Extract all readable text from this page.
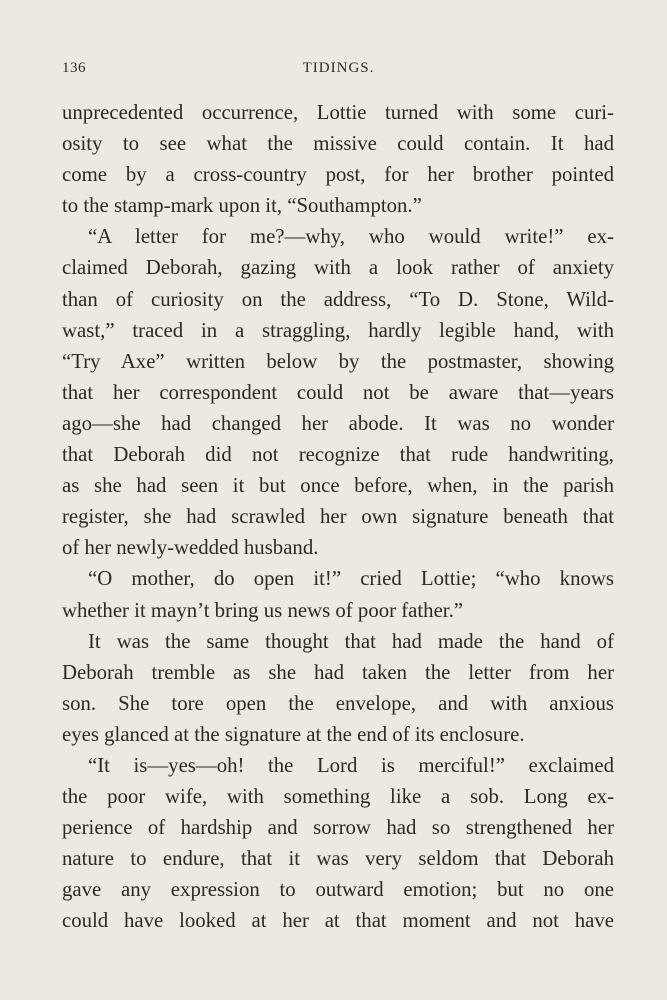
136	TIDINGS.
unprecedented occurrence, Lottie turned with some curi-
osity to see what the missive could contain. It had
come by a cross-country post, for her brother pointed
to the stamp-mark upon it, “Southampton.”
“A letter for me?—why, who would write!” ex-
claimed Deborah, gazing with a look rather of anxiety
than of curiosity on the address, “To D. Stone, Wild-
wast,” traced in a straggling, hardly legible hand, with
“Try Axe” written below by the postmaster, showing
that her correspondent could not be aware that—years
ago—she had changed her abode. It was no wonder
that Deborah did not recognize that rude handwriting,
as she had seen it but once before, when, in the parish
register, she had scrawled her own signature beneath that
of her newly-wedded husband.
“O mother, do open it!” cried Lottie; “who knows
whether it mayn’t bring us news of poor father.”
It was the same thought that had made the hand of
Deborah tremble as she had taken the letter from her
son. She tore open the envelope, and with anxious
eyes glanced at the signature at the end of its enclosure.
“It is—yes—oh! the Lord is merciful!” exclaimed
the poor wife, with something like a sob. Long ex-
perience of hardship and sorrow had so strengthened her
nature to endure, that it was very seldom that Deborah
gave any expression to outward emotion; but no one
could have looked at her at that moment and not have
